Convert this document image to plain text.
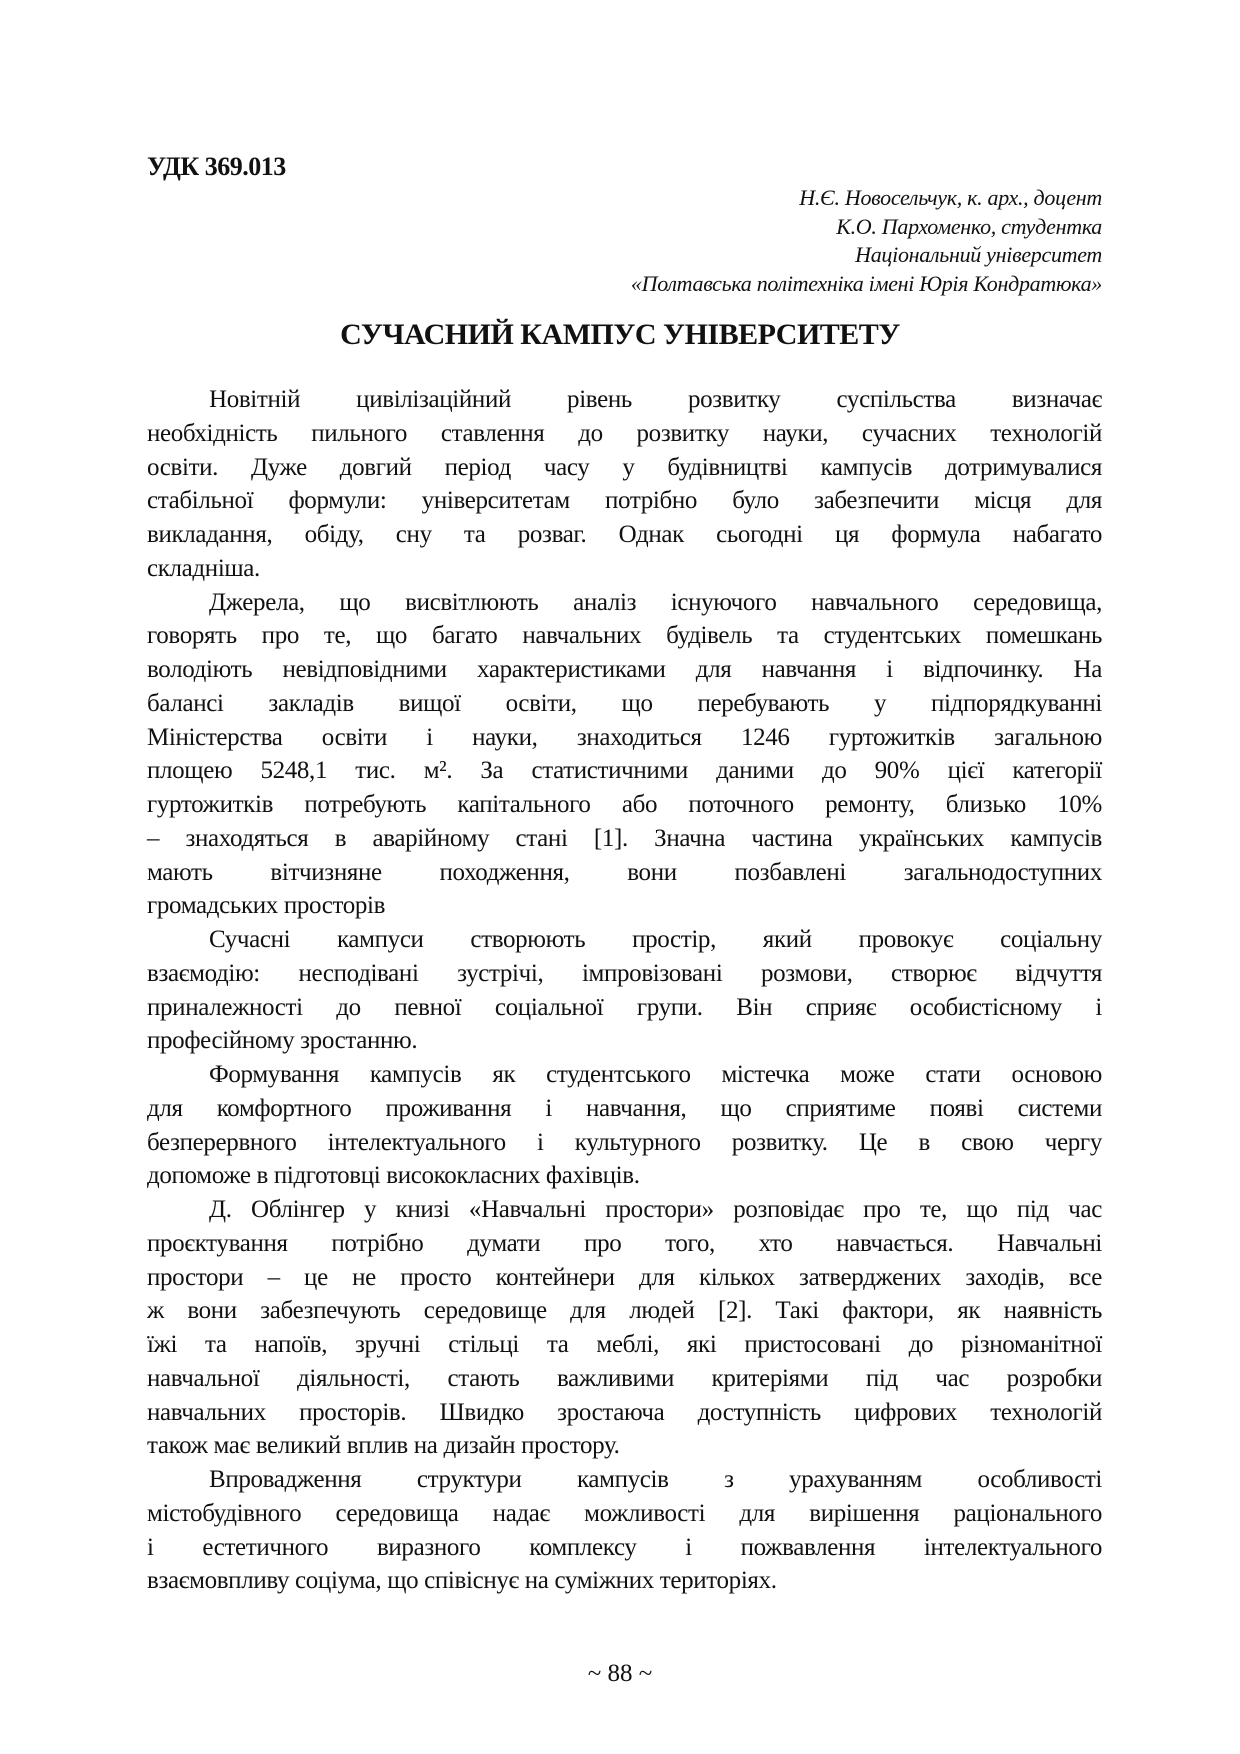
УДК 369.013
Н.Є. Новосельчук, к. арх., доцент
К.О. Пархоменко, студентка
Національний університет
«Полтавська політехніка імені Юрія Кондратюка»
СУЧАСНИЙ КАМПУС УНІВЕРСИТЕТУ
Новітній цивілізаційний рівень розвитку суспільства визначає
необхідність пильного ставлення до розвитку науки, сучасних технологій
освіти. Дуже довгий період часу у будівництві кампусів дотримувалися
стабільної формули: університетам потрібно було забезпечити місця для
викладання, обіду, сну та розваг. Однак сьогодні ця формула набагато
складніша.
Джерела, що висвітлюють аналіз існуючого навчального середовища,
говорять про те, що багато навчальних будівель та студентських помешкань
володіють невідповідними характеристиками для навчання і відпочинку. На
балансі закладів вищої освіти, що перебувають у підпорядкуванні
Міністерства освіти і науки, знаходиться 1246 гуртожитків загальною
площею 5248,1 тис. м². За статистичними даними до 90% цієї категорії
гуртожитків потребують капітального або поточного ремонту, близько 10%
– знаходяться в аварійному стані [1]. Значна частина українських кампусів
мають вітчизняне походження, вони позбавлені загальнодоступних
громадських просторів
Сучасні кампуси створюють простір, який провокує соціальну
взаємодію: несподівані зустрічі, імпровізовані розмови, створює відчуття
приналежності до певної соціальної групи. Він сприяє особистісному і
професійному зростанню.
Формування кампусів як студентського містечка може стати основою
для комфортного проживання і навчання, що сприятиме появі системи
безперервного інтелектуального і культурного розвитку. Це в свою чергу
допоможе в підготовці висококласних фахівців.
Д. Облінгер у книзі «Навчальні простори» розповідає про те, що під час
проєктування потрібно думати про того, хто навчається. Навчальні
простори – це не просто контейнери для кількох затверджених заходів, все
ж вони забезпечують середовище для людей [2]. Такі фактори, як наявність
їжі та напоїв, зручні стільці та меблі, які пристосовані до різноманітної
навчальної діяльності, стають важливими критеріями під час розробки
навчальних просторів. Швидко зростаюча доступність цифрових технологій
також має великий вплив на дизайн простору.
Впровадження структури кампусів з урахуванням особливості
містобудівного середовища надає можливості для вирішення раціонального
і естетичного виразного комплексу і пожвавлення інтелектуального
взаємовпливу соціума, що співіснує на суміжних територіях.
~ 88 ~
